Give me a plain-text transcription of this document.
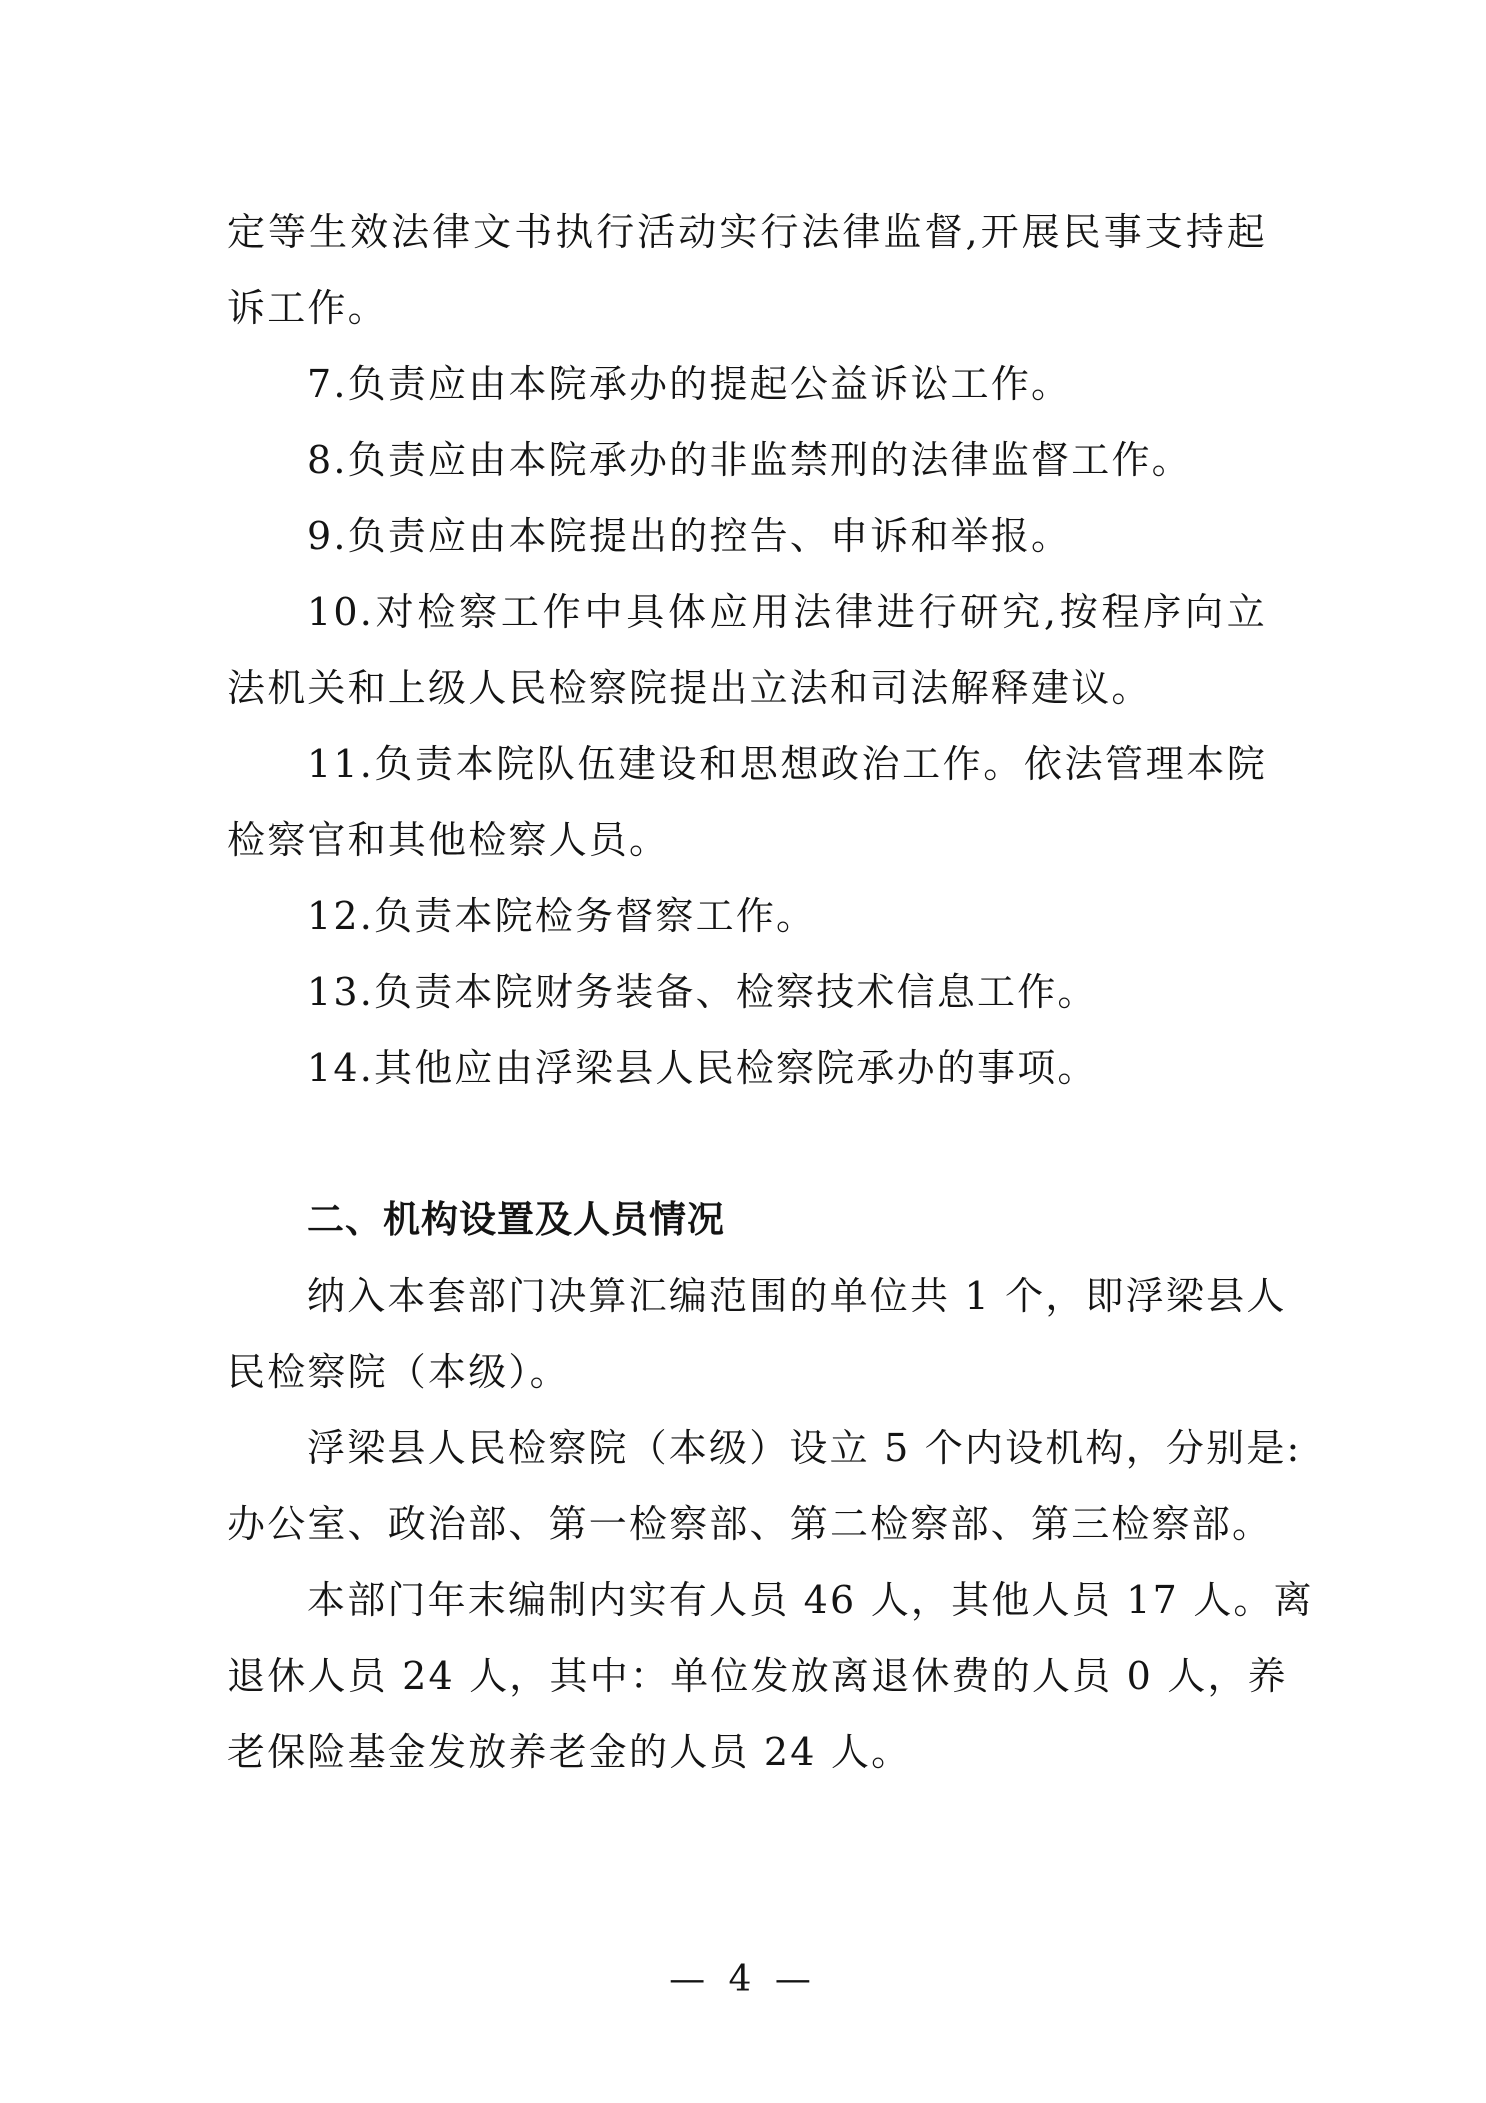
定等生效法律文书执行活动实行法律监督,开展民事支持起

诉工作。

7.负责应由本院承办的提起公益诉讼工作。

8.负责应由本院承办的非监禁刑的法律监督工作。

9.负责应由本院提出的控告、申诉和举报。

10.对检察工作中具体应用法律进行研究,按程序向立

法机关和上级人民检察院提出立法和司法解释建议。

11.负责本院队伍建设和思想政治工作。依法管理本院

检察官和其他检察人员。

12.负责本院检务督察工作。

13.负责本院财务装备、检察技术信息工作。

14.其他应由浮梁县人民检察院承办的事项。

二、机构设置及人员情况

纳入本套部门决算汇编范围的单位共 1 个，即浮梁县人

民检察院（本级）。

浮梁县人民检察院（本级）设立 5 个内设机构，分别是:

办公室、政治部、第一检察部、第二检察部、第三检察部。

本部门年末编制内实有人员 46 人，其他人员 17 人。离

退休人员 24 人，其中：单位发放离退休费的人员 0 人，养

老保险基金发放养老金的人员 24 人。

— 4 —
